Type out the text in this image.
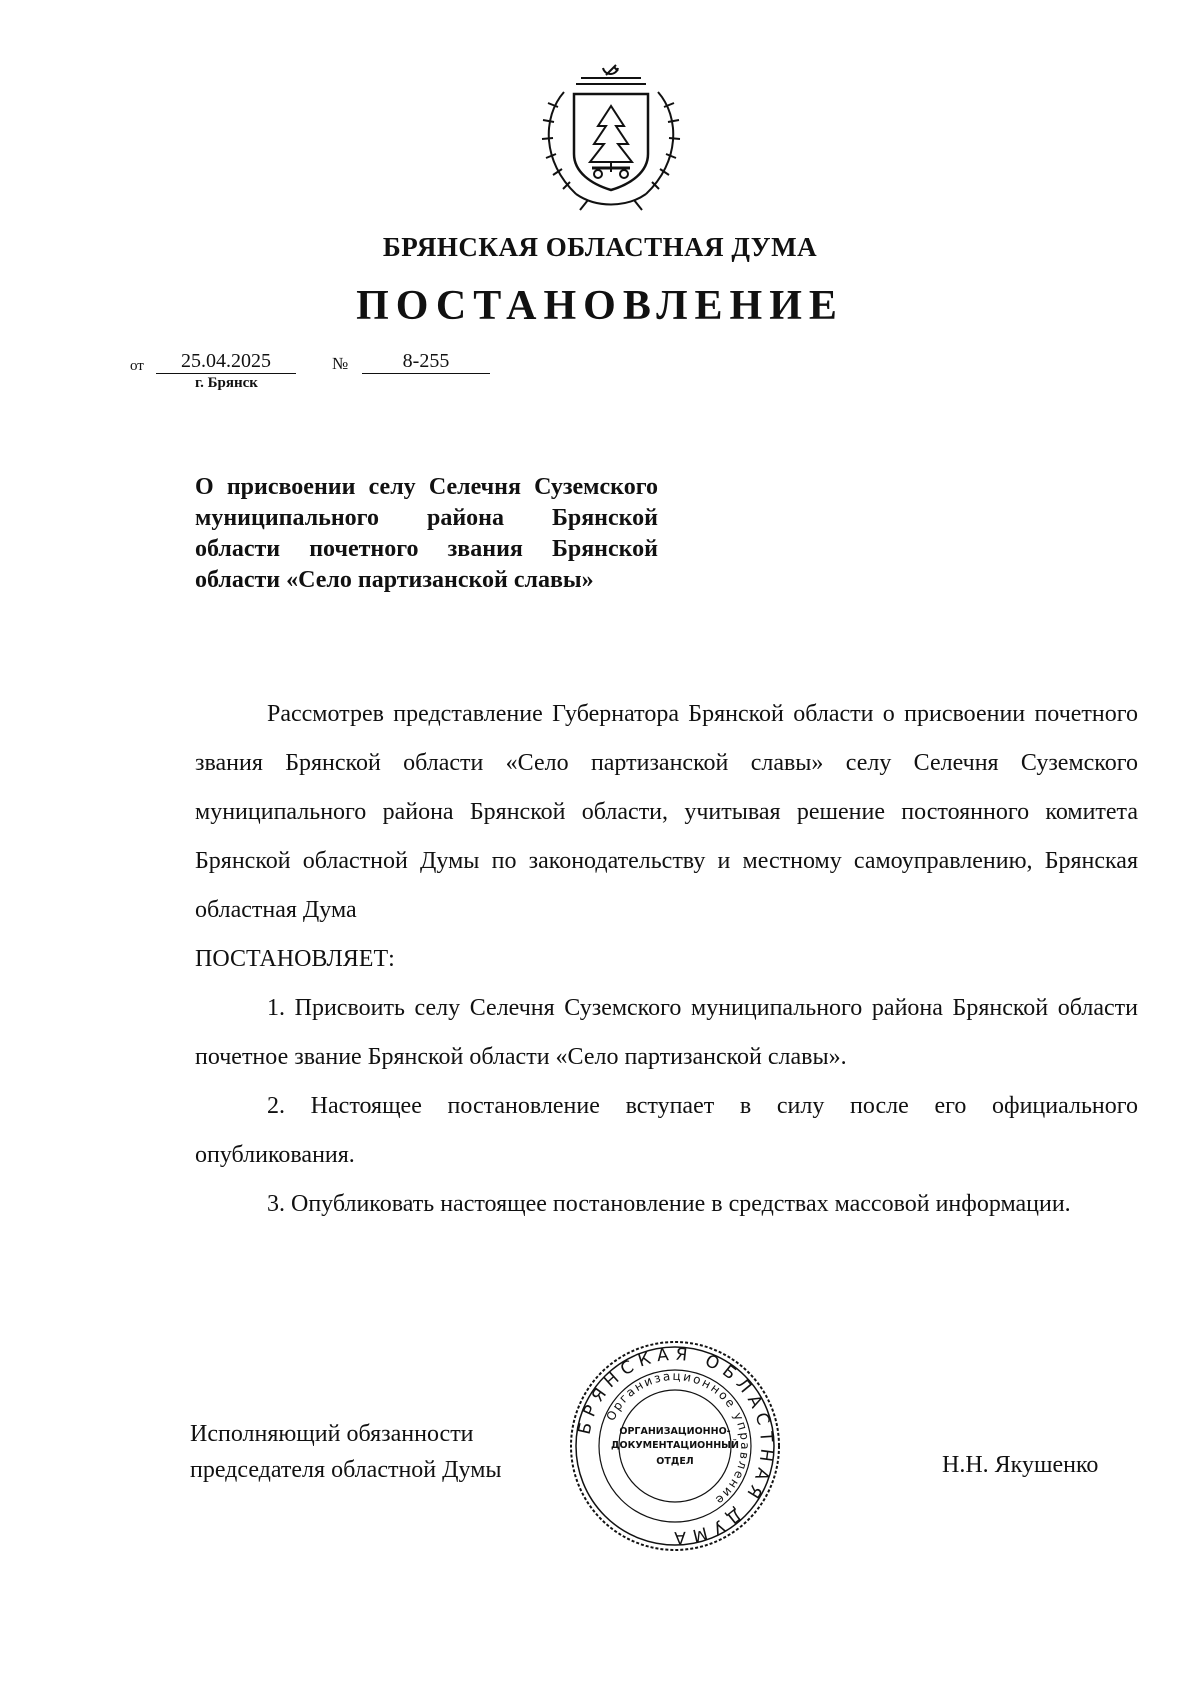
БРЯНСКАЯ ОБЛАСТНАЯ ДУМА
ПОСТАНОВЛЕНИЕ
от	25.04.2025	№	8-255
г. Брянск
О присвоении селу Селечня Суземского муниципального района Брянской области почетного звания Брянской области «Село партизанской славы»

Рассмотрев представление Губернатора Брянской области о присвоении почетного звания Брянской области «Село партизанской славы» селу Селечня Суземского муниципального района Брянской области, учитывая решение постоянного комитета Брянской областной Думы по законодательству и местному самоуправлению, Брянская областная Дума

ПОСТАНОВЛЯЕТ:

1. Присвоить селу Селечня Суземского муниципального района Брянской области почетное звание Брянской области «Село партизанской славы».

2. Настоящее постановление вступает в силу после его официального опубликования.

3. Опубликовать настоящее постановление в средствах массовой информации.

Исполняющий обязанности
председателя областной Думы	Н.Н. Якушенко
БРЯНСКАЯ ОБЛАСТНАЯ ДУМА
Организационное управление
ОРГАНИЗАЦИОННО-
ДОКУМЕНТАЦИОННЫЙ
ОТДЕЛ
